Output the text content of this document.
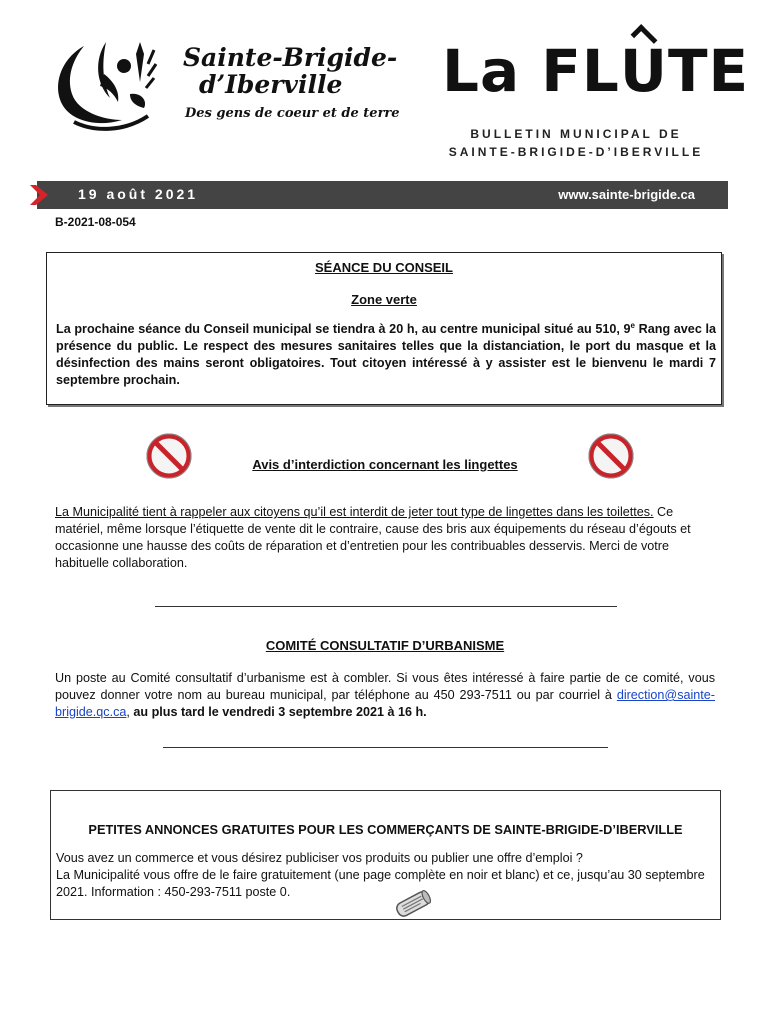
Sainte-Brigide-
d’Iberville
Des gens de coeur et de terre
La FLUTE
BULLETIN MUNICIPAL DE
SAINTE-BRIGIDE-D’IBERVILLE
19 août 2021	www.sainte-brigide.ca
B-2021-08-054
SÉANCE DU CONSEIL
Zone verte
La prochaine séance du Conseil municipal se tiendra à 20 h, au centre municipal situé au 510, 9e Rang avec la présence du public. Le respect des mesures sanitaires telles que la distanciation, le port du masque et la désinfection des mains seront obligatoires. Tout citoyen intéressé à y assister est le bienvenu le mardi 7 septembre prochain.
Avis d’interdiction concernant les lingettes
La Municipalité tient à rappeler aux citoyens qu’il est interdit de jeter tout type de lingettes dans les toilettes. Ce matériel, même lorsque l’étiquette de vente dit le contraire, cause des bris aux équipements du réseau d’égouts et occasionne une hausse des coûts de réparation et d’entretien pour les contribuables desservis. Merci de votre habituelle collaboration.
COMITÉ CONSULTATIF D’URBANISME
Un poste au Comité consultatif d’urbanisme est à combler. Si vous êtes intéressé à faire partie de ce comité, vous pouvez donner votre nom au bureau municipal, par téléphone au 450 293-7511 ou par courriel à direction@sainte-brigide.qc.ca, au plus tard le vendredi 3 septembre 2021 à 16 h.
PETITES ANNONCES GRATUITES POUR LES COMMERÇANTS DE SAINTE-BRIGIDE-D’IBERVILLE
Vous avez un commerce et vous désirez publiciser vos produits ou publier une offre d’emploi ?
La Municipalité vous offre de le faire gratuitement (une page complète en noir et blanc) et ce, jusqu’au 30 septembre 2021. Information : 450-293-7511 poste 0.
